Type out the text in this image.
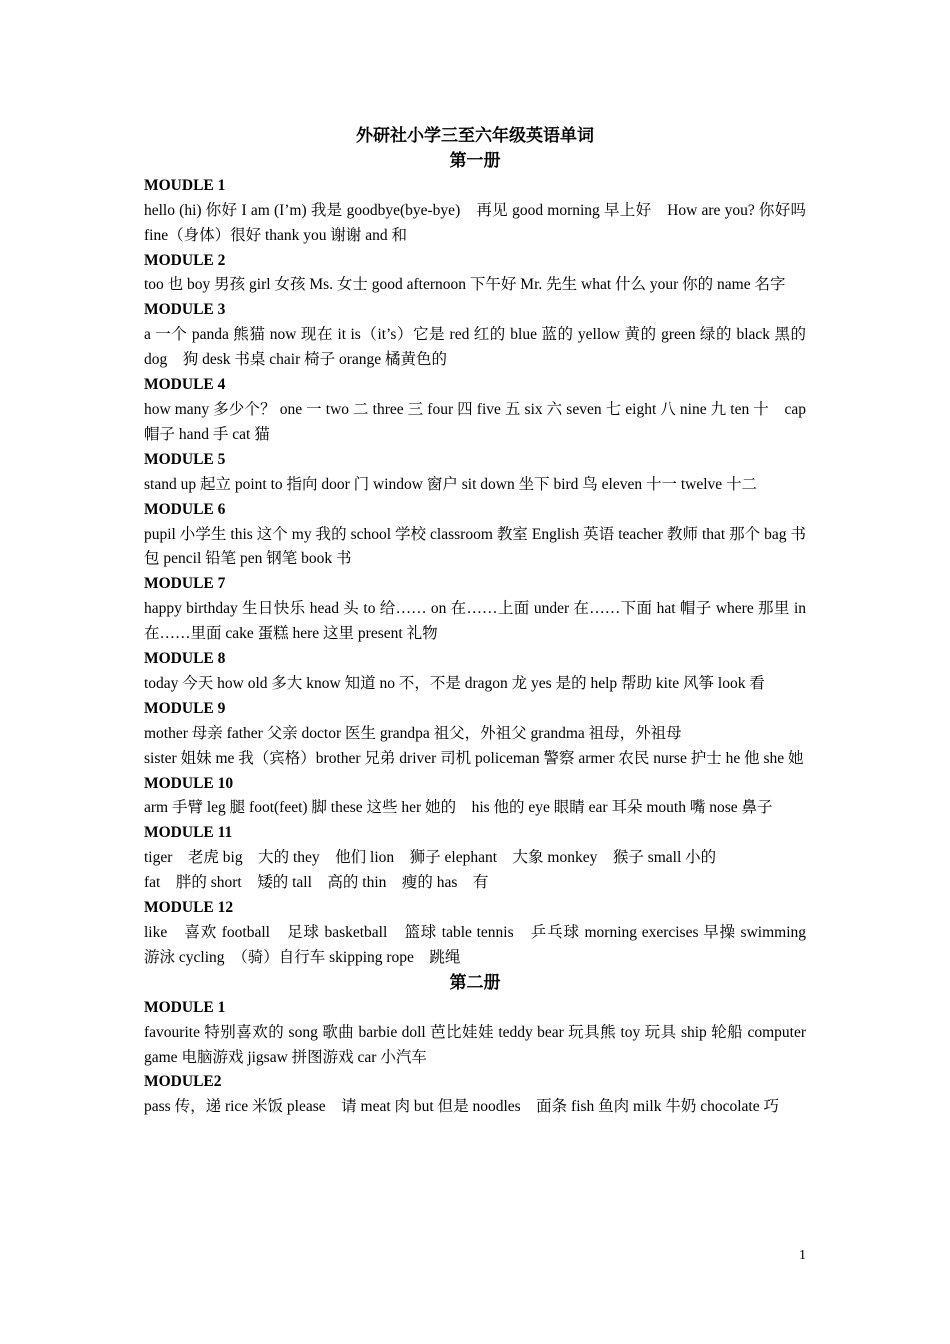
外研社小学三至六年级英语单词

第一册

MOUDLE 1

hello (hi) 你好 I am (I’m) 我是 goodbye(bye-bye)　再见 good morning 早上好　How are you? 你好吗 fine（身体）很好 thank you 谢谢 and 和

MODULE 2

too 也 boy 男孩 girl 女孩 Ms. 女士 good afternoon 下午好 Mr. 先生 what 什么 your 你的 name 名字

MODULE 3

a 一个 panda 熊猫 now 现在 it is（it’s）它是 red 红的 blue 蓝的 yellow 黄的 green 绿的 black 黑的 dog　狗 desk 书桌 chair 椅子 orange 橘黄色的

MODULE 4

how many 多少个？ one 一 two 二 three 三 four 四 five 五 six 六 seven 七 eight 八 nine 九 ten 十　cap 帽子 hand 手 cat 猫

MODULE 5

stand up 起立 point to 指向 door 门 window 窗户 sit down 坐下 bird 鸟 eleven 十一 twelve 十二

MODULE 6

pupil 小学生 this 这个 my 我的 school 学校 classroom 教室 English 英语 teacher 教师 that 那个 bag 书包 pencil 铅笔 pen 钢笔 book 书

MODULE 7

happy birthday 生日快乐 head 头 to 给…… on 在……上面 under 在……下面 hat 帽子 where 那里 in 在……里面 cake 蛋糕 here 这里 present 礼物

MODULE 8

today 今天 how old 多大 know 知道 no 不，不是 dragon 龙 yes 是的 help 帮助 kite 风筝 look 看

MODULE 9

mother 母亲 father 父亲 doctor 医生 grandpa 祖父，外祖父 grandma 祖母，外祖母

sister 姐妹 me 我（宾格）brother 兄弟 driver 司机 policeman 警察 armer 农民 nurse 护士 he 他 she 她

MODULE 10

arm 手臂 leg 腿 foot(feet) 脚 these 这些 her 她的　his 他的 eye 眼睛 ear 耳朵 mouth 嘴 nose 鼻子

MODULE 11

tiger　老虎 big　大的 they　他们 lion　狮子 elephant　大象 monkey　猴子 small 小的

fat　胖的 short　矮的 tall　高的 thin　瘦的 has　有

MODULE 12

like　喜欢 football　足球 basketball　篮球 table tennis　乒乓球 morning exercises 早操 swimming　游泳 cycling　（骑）自行车 skipping rope　跳绳

第二册

MODULE 1

favourite 特别喜欢的 song 歌曲 barbie doll 芭比娃娃 teddy bear 玩具熊 toy 玩具 ship 轮船 computer game 电脑游戏 jigsaw 拼图游戏 car 小汽车

MODULE2

pass 传，递 rice 米饭 please　请 meat 肉 but 但是 noodles　面条 fish 鱼肉 milk 牛奶 chocolate 巧

1
